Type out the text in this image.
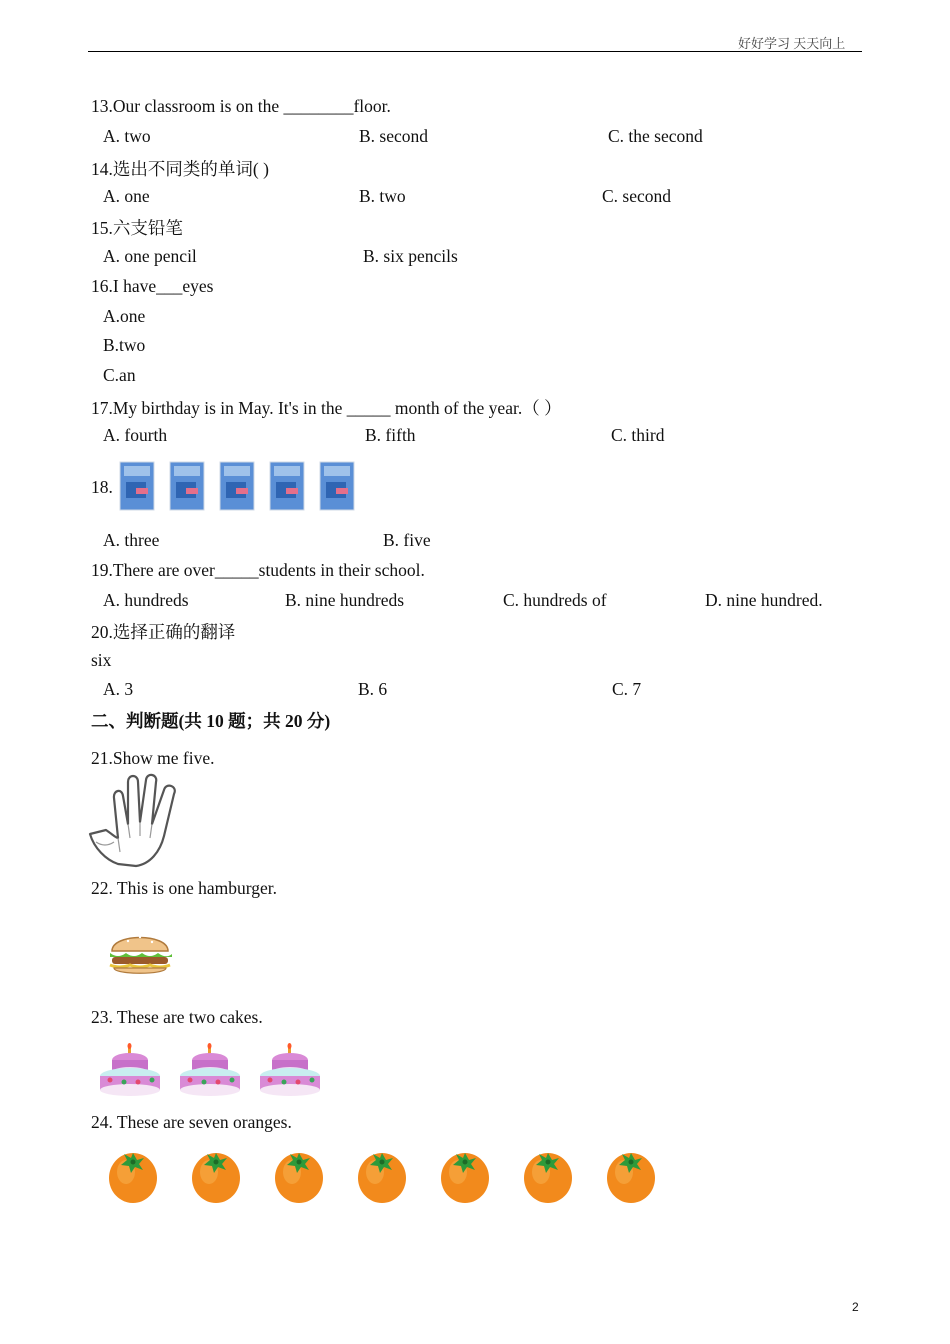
好好学习 天天向上
13.Our classroom is on the ________floor.
A. two	B. second	C. the second
14.选出不同类的单词( )
A. one	B. two	C. second
15.六支铅笔
A. one pencil	B. six pencils
16.I have___eyes
A.one
B.two
C.an
17.My birthday is in May. It's in the _____ month of the year.（ ）
A. fourth	B. fifth	C. third
18.
A. three	B. five
19.There are over_____students in their school.
A. hundreds	B. nine hundreds	C. hundreds of	D. nine hundred.
20.选择正确的翻译
six
A. 3	B. 6	C. 7
二、判断题(共 10 题；共 20 分)
21.Show me five.
22. This is one hamburger.
23. These are two cakes.
24. These are seven oranges.
2
